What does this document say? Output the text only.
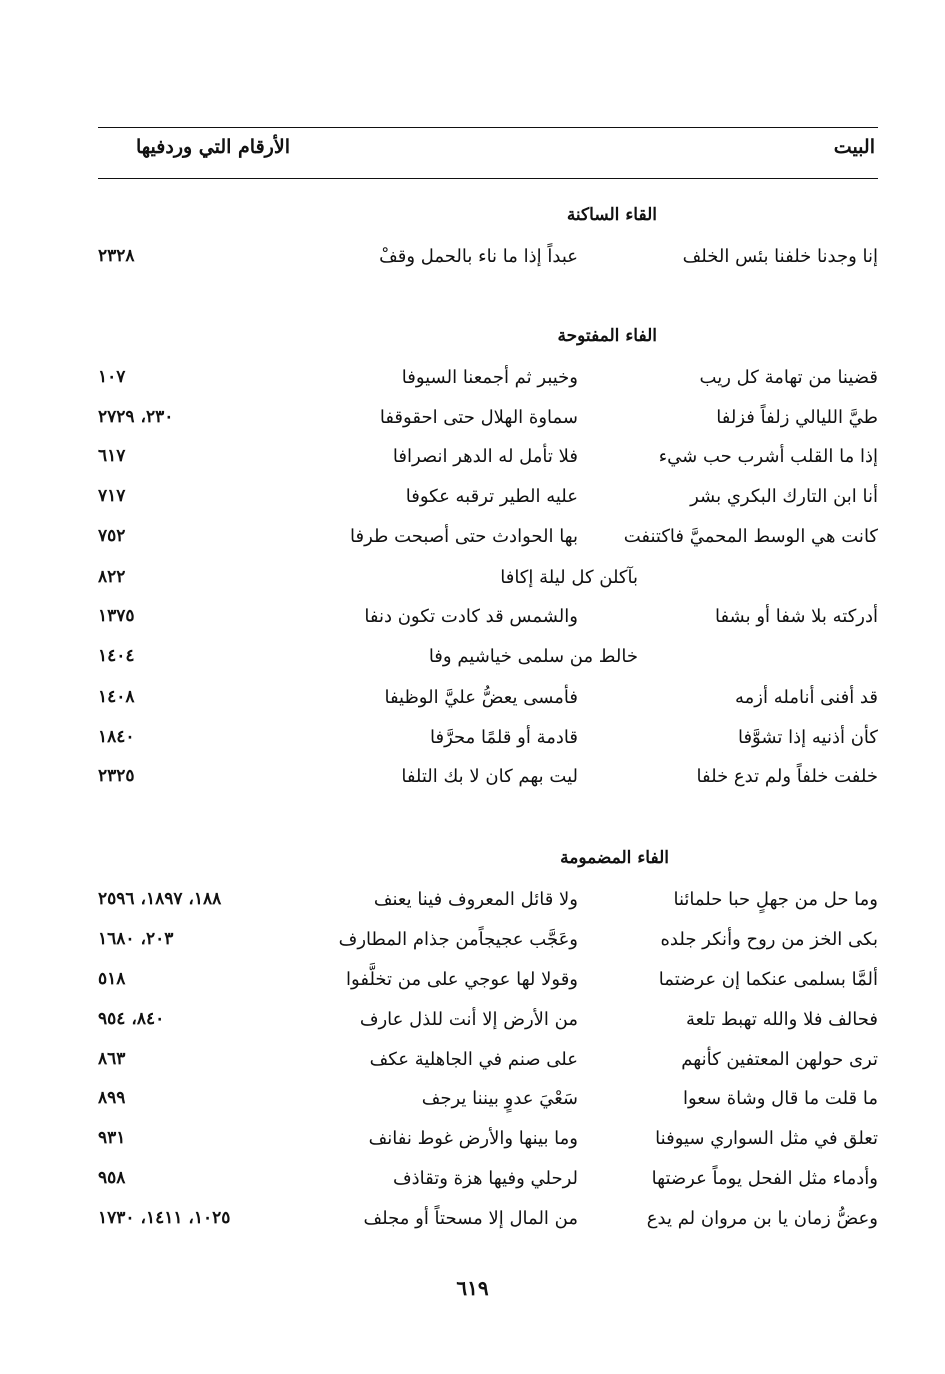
البيت
الأرقام التي وردفيها
القاء الساكنة
إنا وجدنا خلفنا بئس الخلف
عبداً إذا ما ناء بالحمل وقفْ
٢٣٢٨
الفاء المفتوحة
قضينا من تهامة كل ريب
وخيبر ثم أجمعنا السيوفا
١٠٧
طيَّ الليالي زلفاً فزلفا
سماوة الهلال حتى احقوقفا
٢٣٠، ٢٧٢٩
إذا ما القلب أشرب حب شيء
فلا تأمل له الدهر انصرافا
٦١٧
أنا ابن التارك البكري بشر
عليه الطير ترقبه عكوفا
٧١٧
كانت هي الوسط المحميَّ فاكتنفت
بها الحوادث حتى أصبحت طرفا
٧٥٢
بآكلن كل ليلة إكافا
٨٢٢
أدركته بلا شفا أو بشفا
والشمس قد كادت تكون دنفا
١٣٧٥
خالط من سلمى خياشيم وفا
١٤٠٤
قد أفنى أنامله أزمه
فأمسى يعضُّ عليَّ الوظيفا
١٤٠٨
كأن أذنيه إذا تشوَّفا
قادمة أو قلمًا محرَّفا
١٨٤٠
خلفت خلفاً ولم تدع خلفا
ليت بهم كان لا بك التلفا
٢٣٢٥
الفاء المضمومة
وما حل من جهلٍ حبا حلمائنا
ولا قائل المعروف فينا يعنف
١٨٨، ١٨٩٧، ٢٥٩٦
بكى الخز من روح وأنكر جلده
وعَجَّب عجيجاًمن جذام المطارف
٢٠٣، ١٦٨٠
ألمَّا بسلمى عنكما إن عرضتما
وقولا لها عوجي على من تخلَّفوا
٥١٨
فحالف فلا والله تهبط تلعة
من الأرض إلا أنت للذل عارف
٨٤٠، ٩٥٤
ترى حولهن المعتفين كأنهم
على صنم في الجاهلية عكف
٨٦٣
ما قلت ما قال وشاة سعوا
سَعْيَ عدوٍ بيننا يرجف
٨٩٩
تعلق في مثل السواري سيوفنا
وما بينها والأرض غوط نفانف
٩٣١
وأدماء مثل الفحل يوماً عرضتها
لرحلي وفيها هزة وتقاذف
٩٥٨
وعضُّ زمان يا بن مروان لم يدع
من المال إلا مسحتاً أو مجلف
١٠٢٥، ١٤١١، ١٧٣٠
٦١٩
